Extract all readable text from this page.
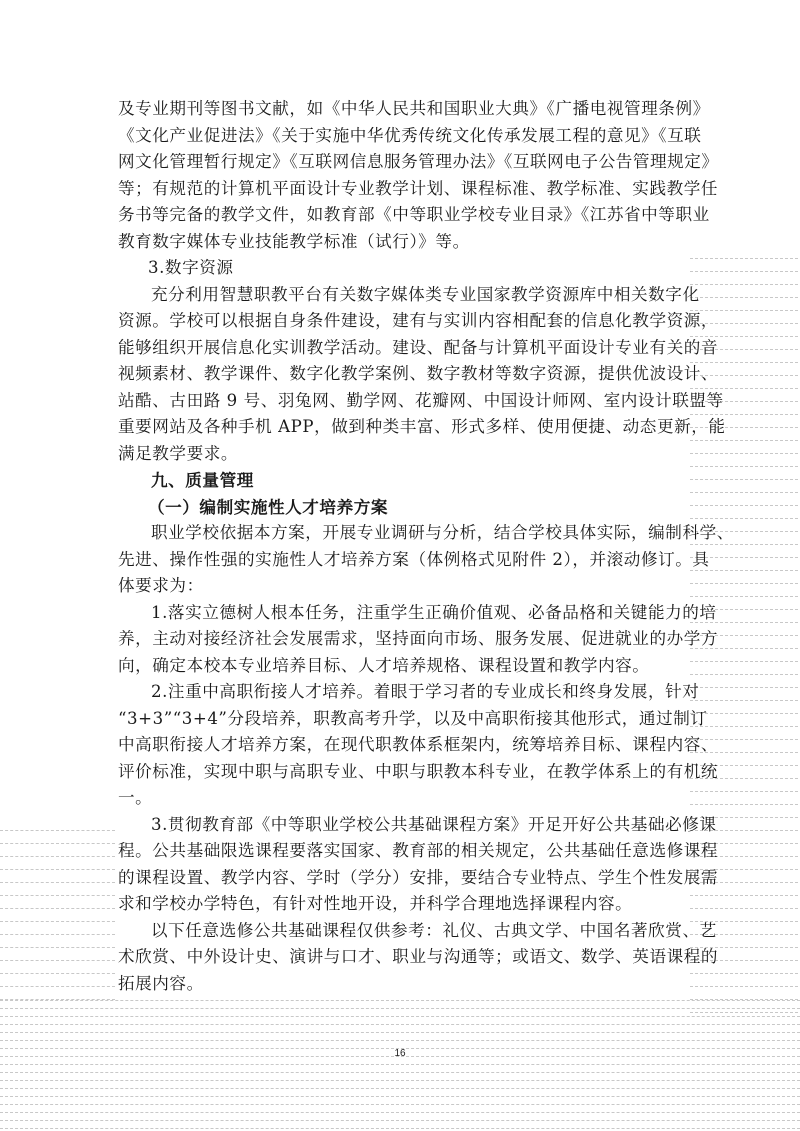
及专业期刊等图书文献，如《中华人民共和国职业大典》《广播电视管理条例》
《文化产业促进法》《关于实施中华优秀传统文化传承发展工程的意见》《互联
网文化管理暂行规定》《互联网信息服务管理办法》《互联网电子公告管理规定》
等；有规范的计算机平面设计专业教学计划、课程标准、教学标准、实践教学任
务书等完备的教学文件，如教育部《中等职业学校专业目录》《江苏省中等职业
教育数字媒体专业技能教学标准（试行）》等。
3.数字资源
充分利用智慧职教平台有关数字媒体类专业国家教学资源库中相关数字化
资源。学校可以根据自身条件建设，建有与实训内容相配套的信息化教学资源，
能够组织开展信息化实训教学活动。建设、配备与计算机平面设计专业有关的音
视频素材、教学课件、数字化教学案例、数字教材等数字资源，提供优波设计、
站酷、古田路 9 号、羽兔网、勤学网、花瓣网、中国设计师网、室内设计联盟等
重要网站及各种手机 APP，做到种类丰富、形式多样、使用便捷、动态更新，能
满足教学要求。
九、质量管理
（一）编制实施性人才培养方案
职业学校依据本方案，开展专业调研与分析，结合学校具体实际，编制科学、
先进、操作性强的实施性人才培养方案（体例格式见附件 2），并滚动修订。具
体要求为：
1.落实立德树人根本任务，注重学生正确价值观、必备品格和关键能力的培
养，主动对接经济社会发展需求，坚持面向市场、服务发展、促进就业的办学方
向，确定本校本专业培养目标、人才培养规格、课程设置和教学内容。
2.注重中高职衔接人才培养。着眼于学习者的专业成长和终身发展，针对
“3+3”“3+4”分段培养，职教高考升学，以及中高职衔接其他形式，通过制订
中高职衔接人才培养方案，在现代职教体系框架内，统筹培养目标、课程内容、
评价标准，实现中职与高职专业、中职与职教本科专业，在教学体系上的有机统
一。
3.贯彻教育部《中等职业学校公共基础课程方案》开足开好公共基础必修课
程。公共基础限选课程要落实国家、教育部的相关规定，公共基础任意选修课程
的课程设置、教学内容、学时（学分）安排，要结合专业特点、学生个性发展需
求和学校办学特色，有针对性地开设，并科学合理地选择课程内容。
以下任意选修公共基础课程仅供参考：礼仪、古典文学、中国名著欣赏、艺
术欣赏、中外设计史、演讲与口才、职业与沟通等；或语文、数学、英语课程的
拓展内容。
16
